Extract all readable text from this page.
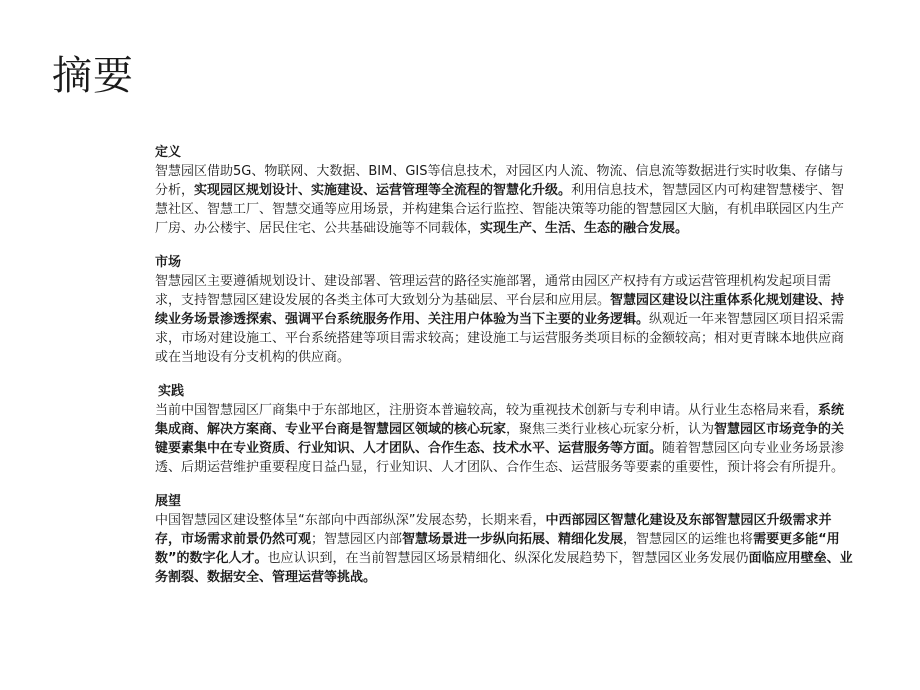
摘要

定义

智慧园区借助5G、物联网、大数据、BIM、GIS等信息技术，对园区内人流、物流、信息流等数据进行实时收集、存储与分析，实现园区规划设计、实施建设、运营管理等全流程的智慧化升级。利用信息技术，智慧园区内可构建智慧楼宇、智慧社区、智慧工厂、智慧交通等应用场景，并构建集合运行监控、智能决策等功能的智慧园区大脑，有机串联园区内生产厂房、办公楼宇、居民住宅、公共基础设施等不同载体，实现生产、生活、生态的融合发展。

市场

智慧园区主要遵循规划设计、建设部署、管理运营的路径实施部署，通常由园区产权持有方或运营管理机构发起项目需求，支持智慧园区建设发展的各类主体可大致划分为基础层、平台层和应用层。智慧园区建设以注重体系化规划建设、持续业务场景渗透探索、强调平台系统服务作用、关注用户体验为当下主要的业务逻辑。纵观近一年来智慧园区项目招采需求，市场对建设施工、平台系统搭建等项目需求较高；建设施工与运营服务类项目标的金额较高；相对更青睐本地供应商或在当地设有分支机构的供应商。

实践

当前中国智慧园区厂商集中于东部地区，注册资本普遍较高，较为重视技术创新与专利申请。从行业生态格局来看，系统集成商、解决方案商、专业平台商是智慧园区领域的核心玩家，聚焦三类行业核心玩家分析，认为智慧园区市场竞争的关键要素集中在专业资质、行业知识、人才团队、合作生态、技术水平、运营服务等方面。随着智慧园区向专业业务场景渗透、后期运营维护重要程度日益凸显，行业知识、人才团队、合作生态、运营服务等要素的重要性，预计将会有所提升。

展望

中国智慧园区建设整体呈“东部向中西部纵深”发展态势，长期来看，中西部园区智慧化建设及东部智慧园区升级需求并存，市场需求前景仍然可观；智慧园区内部智慧场景进一步纵向拓展、精细化发展，智慧园区的运维也将需要更多能“用数”的数字化人才。也应认识到，在当前智慧园区场景精细化、纵深化发展趋势下，智慧园区业务发展仍面临应用壁垒、业务割裂、数据安全、管理运营等挑战。
